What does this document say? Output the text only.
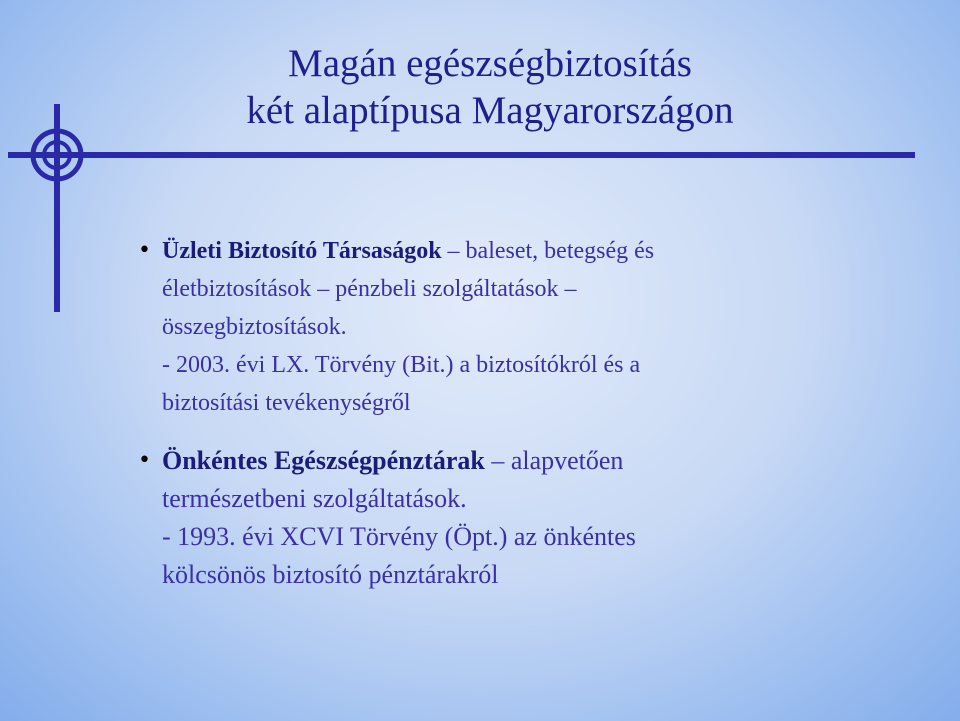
Magán egészségbiztosítás
két alaptípusa Magyarországon
• Üzleti Biztosító Társaságok – baleset, betegség és
életbiztosítások – pénzbeli szolgáltatások –
összegbiztosítások.
- 2003. évi LX. Törvény (Bit.) a biztosítókról és a
biztosítási tevékenységről
• Önkéntes Egészségpénztárak – alapvetően
természetbeni szolgáltatások.
- 1993. évi XCVI Törvény (Öpt.) az önkéntes
kölcsönös biztosító pénztárakról
